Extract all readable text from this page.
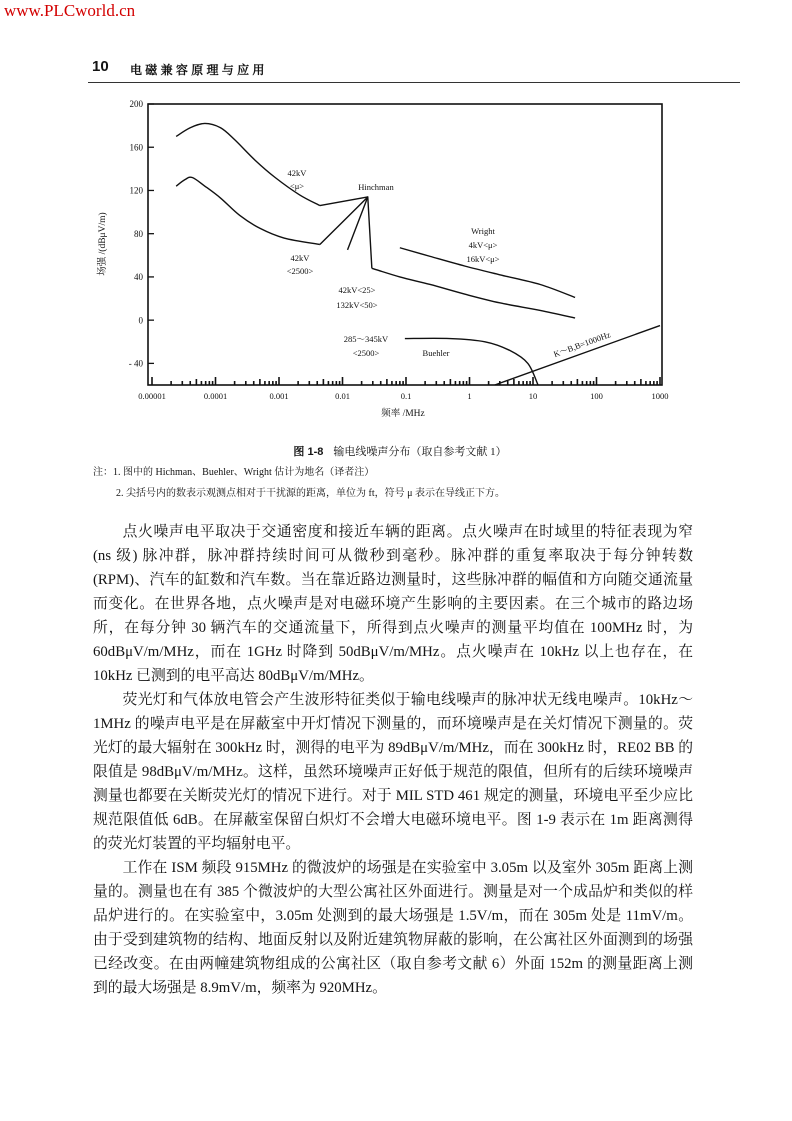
www.PLCworld.cn
10 电磁兼容原理与应用
200
160
120
80
40
0
- 40
0.00001	0.0001	0.001	0.01	0.1	1	10	100	1000
频率 /MHz
场强 /(dBμV/m)
42kV
<μ>
42kV
<2500>
Hinchman
42kV<25>
132kV<50>
Wright
4kV<μ>
16kV<μ>
285～345kV
<2500>	Buehler	K～B,B=1000Hz
图 1-8 输电线噪声分布（取自参考文献 1）
注：1. 图中的 Hichman、Buehler、Wright 估计为地名（译者注）
2. 尖括号内的数表示观测点相对于干扰源的距离，单位为 ft，符号 μ 表示在导线正下方。
点火噪声电平取决于交通密度和接近车辆的距离。点火噪声在时域里的特征表现为窄
(ns 级) 脉冲群，脉冲群持续时间可从微秒到毫秒。脉冲群的重复率取决于每分钟转数
(RPM)、汽车的缸数和汽车数。当在靠近路边测量时，这些脉冲群的幅值和方向随交通流量
而变化。在世界各地，点火噪声是对电磁环境产生影响的主要因素。在三个城市的路边场
所，在每分钟 30 辆汽车的交通流量下，所得到点火噪声的测量平均值在 100MHz 时，为
60dBμV/m/MHz，而在 1GHz 时降到 50dBμV/m/MHz。点火噪声在 10kHz 以上也存在，在
10kHz 已测到的电平高达 80dBμV/m/MHz。
荧光灯和气体放电管会产生波形特征类似于输电线噪声的脉冲状无线电噪声。10kHz～
1MHz 的噪声电平是在屏蔽室中开灯情况下测量的，而环境噪声是在关灯情况下测量的。荧
光灯的最大辐射在 300kHz 时，测得的电平为 89dBμV/m/MHz，而在 300kHz 时，RE02 BB 的
限值是 98dBμV/m/MHz。这样，虽然环境噪声正好低于规范的限值，但所有的后续环境噪声
测量也都要在关断荧光灯的情况下进行。对于 MIL STD 461 规定的测量，环境电平至少应比
规范限值低 6dB。在屏蔽室保留白炽灯不会增大电磁环境电平。图 1-9 表示在 1m 距离测得
的荧光灯装置的平均辐射电平。
工作在 ISM 频段 915MHz 的微波炉的场强是在实验室中 3.05m 以及室外 305m 距离上测
量的。测量也在有 385 个微波炉的大型公寓社区外面进行。测量是对一个成品炉和类似的样
品炉进行的。在实验室中，3.05m 处测到的最大场强是 1.5V/m，而在 305m 处是 11mV/m。
由于受到建筑物的结构、地面反射以及附近建筑物屏蔽的影响，在公寓社区外面测到的场强
已经改变。在由两幢建筑物组成的公寓社区（取自参考文献 6）外面 152m 的测量距离上测
到的最大场强是 8.9mV/m，频率为 920MHz。
